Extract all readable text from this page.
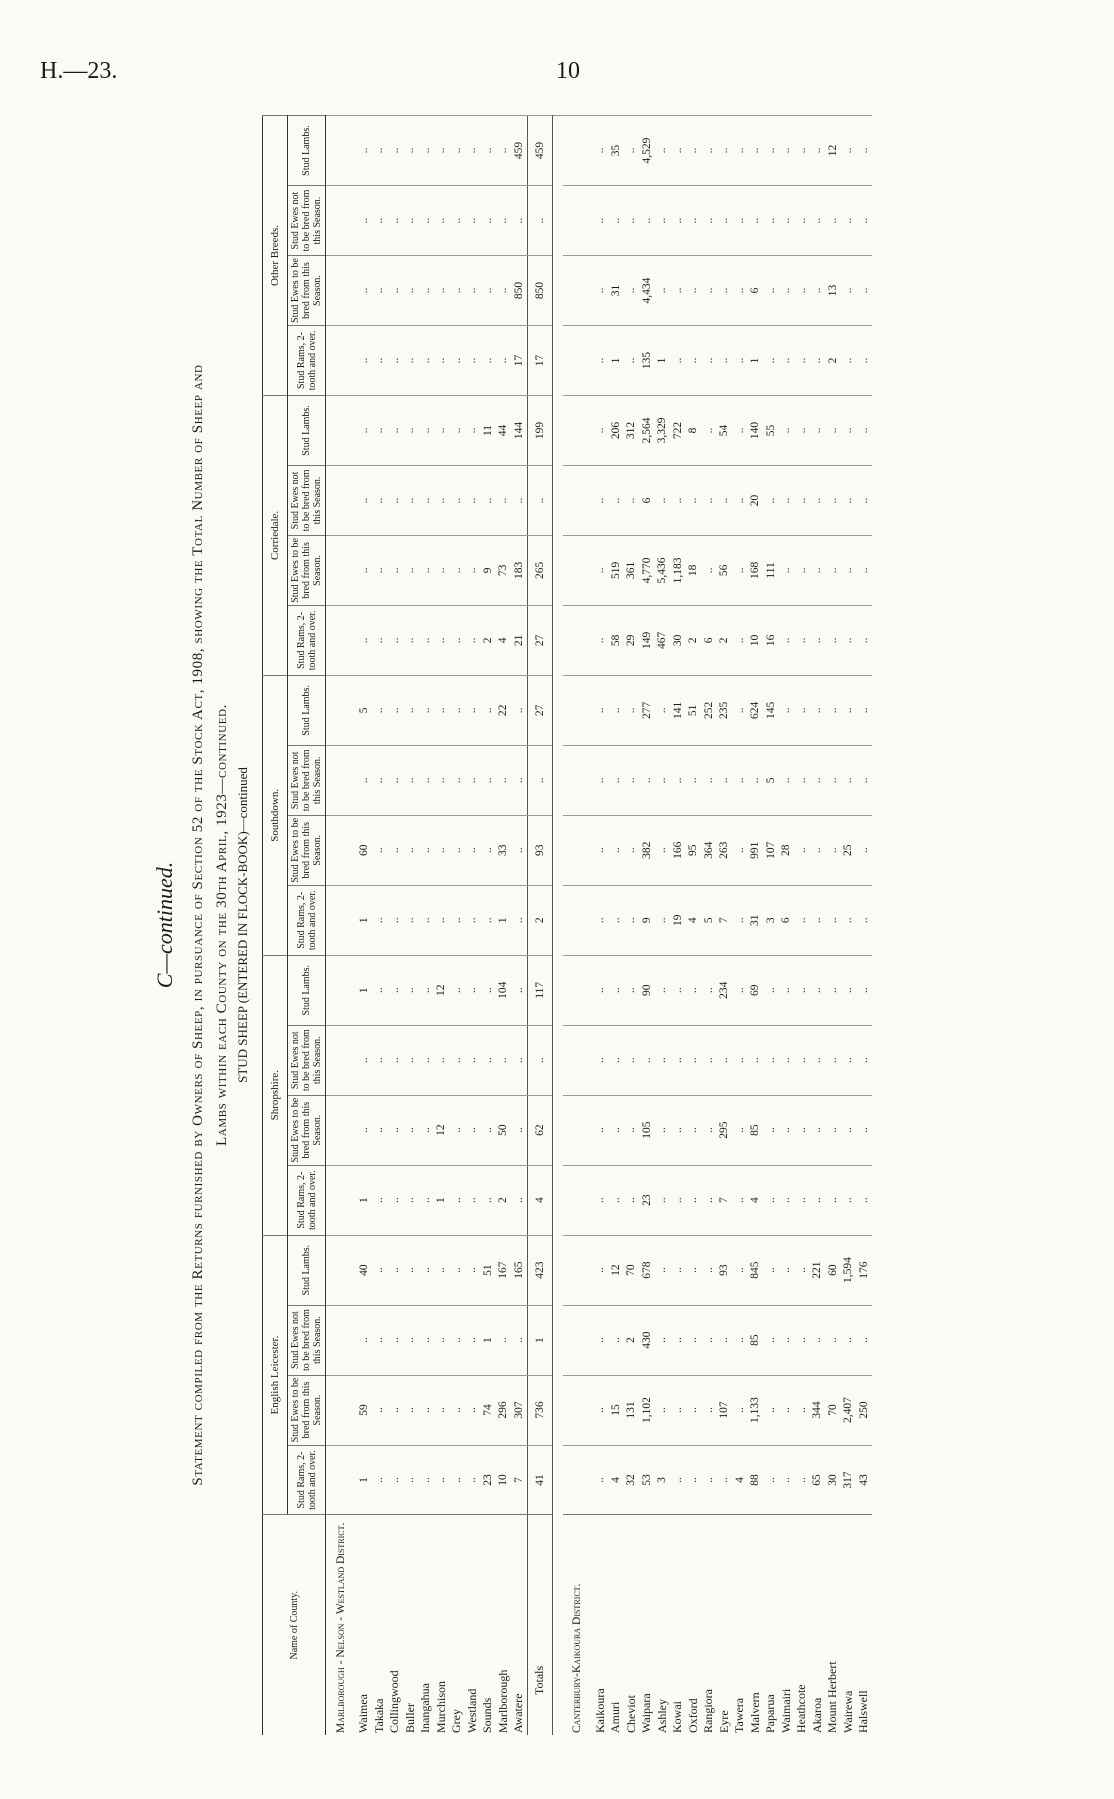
H.—23.	10
C—continued. Statement compiled from the Returns furnished by Owners of Sheep, in pursuance of Section 52 of the Stock Act, 1908, showing the Total Number of Sheep and Lambs within each County on the 30th April, 1923—continued. STUD SHEEP (ENTERED IN FLOCK-BOOK)—continued
Name of County.	English Leicester.				Shropshire.				Southdown.				Corriedale.				Other Breeds.			
	Stud Rams, 2-tooth and over.	Stud Ewes to be bred from this Season.	Stud Ewes not to be bred from this Season.	Stud Lambs.	Stud Rams, 2-tooth and over.	Stud Ewes to be bred from this Season.	Stud Ewes not to be bred from this Season.	Stud Lambs.	Stud Rams, 2-tooth and over.	Stud Ewes to be bred from this Season.	Stud Ewes not to be bred from this Season.	Stud Lambs.	Stud Rams, 2-tooth and over.	Stud Ewes to be bred from this Season.	Stud Ewes not to be bred from this Season.	Stud Lambs.	Stud Rams, 2-tooth and over.	Stud Ewes to be bred from this Season.	Stud Ewes not to be bred from this Season.	Stud Lambs.
Marlborough - Nelson - Westland District.																				
Waimea	1	59	..	40	1	..	..	1	1	60	..	5	..	..	..	..	..	..	..	..
Takaka	..	..	..	..	..	..	..	..	..	..	..	..	..	..	..	..	..	..	..	..
Collingwood	..	..	..	..	..	..	..	..	..	..	..	..	..	..	..	..	..	..	..	..
Buller	..	..	..	..	..	..	..	..	..	..	..	..	..	..	..	..	..	..	..	..
Inangahua	..	..	..	..	..	..	..	..	..	..	..	..	..	..	..	..	..	..	..	..
Murchison	..	..	..	..	1	12	..	12	..	..	..	..	..	..	..	..	..	..	..	..
Grey	..	..	..	..	..	..	..	..	..	..	..	..	..	..	..	..	..	..	..	..
Westland	..	..	..	..	..	..	..	..	..	..	..	..	..	..	..	..	..	..	..	..
Sounds	23	74	1	51	..	..	..	..	..	..	..	..	2	9	..	11	..	..	..	..
Marlborough	10	296	..	167	2	50	..	104	1	33	..	22	4	73	..	44	..	..	..	..
Awatere	7	307	..	165	..	..	..	..	..	..	..	..	21	183	..	144	17	850	..	459
Totals	41	736	1	423	4	62	..	117	2	93	..	27	27	265	..	199	17	850	..	459

Canterbury-Kaikoura District.																				
Kaikoura	..	..	..	..	..	..	..	..	..	..	..	..	..	..	..	..	..	..	..	..
Amuri	4	15	..	12	..	..	..	..	..	..	..	..	58	519	..	206	1	31	..	35
Cheviot	32	131	2	70	..	..	..	..	..	..	..	..	29	361	..	312	..	..	..	..
Waipara	53	1,102	430	678	23	105	..	90	9	382	..	277	149	4,770	6	2,564	135	4,434	..	4,529
Ashley	3	..	..	..	..	..	..	..	..	..	..	..	467	5,436	..	3,329	1	..	..	..
Kowai	..	..	..	..	..	..	..	..	19	166	..	141	30	1,183	..	722	..	..	..	..
Oxford	..	..	..	..	..	..	..	..	4	95	..	51	2	18	..	8	..	..	..	..
Rangiora	..	..	..	..	..	..	..	..	5	364	..	252	6	..	..	..	..	..	..	..
Eyre	..	107	..	93	7	295	..	234	7	263	..	235	2	56	..	54	..	..	..	..
Tawera	4	..	..	..	..	..	..	..	..	..	..	..	..	..	..	..	..	..	..	..
Malvern	88	1,133	85	845	4	85	..	69	31	991	..	624	10	168	20	140	1	6	..	..
Paparua	..	..	..	..	..	..	..	..	3	107	5	145	16	111	..	55	..	..	..	..
Waimairi	..	..	..	..	..	..	..	..	6	28	..	..	..	..	..	..	..	..	..	..
Heathcote	..	..	..	..	..	..	..	..	..	..	..	..	..	..	..	..	..	..	..	..
Akaroa	65	344	..	221	..	..	..	..	..	..	..	..	..	..	..	..	..	..	..	..
Mount Herbert	30	70	..	60	..	..	..	..	..	..	..	..	..	..	..	..	2	13	..	12
Wairewa	317	2,407	..	1,594	..	..	..	..	..	25	..	..	..	..	..	..	..	..	..	..
Halswell	43	250	..	176	..	..	..	..	..	..	..	..	..	..	..	..	..	..	..	..
